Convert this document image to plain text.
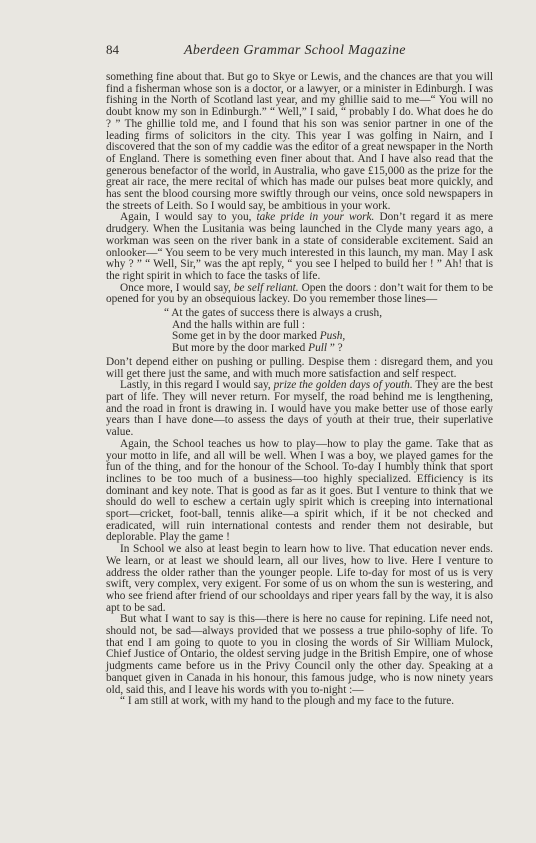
84	Aberdeen Grammar School Magazine

something fine about that. But go to Skye or Lewis, and the chances are that you will find a fisherman whose son is a doctor, or a lawyer, or a minister in Edinburgh. I was fishing in the North of Scotland last year, and my ghillie said to me—“ You will no doubt know my son in Edinburgh.” “ Well,” I said, “ probably I do. What does he do ? ” The ghillie told me, and I found that his son was senior partner in one of the leading firms of solicitors in the city. This year I was golfing in Nairn, and I discovered that the son of my caddie was the editor of a great newspaper in the North of England. There is something even finer about that. And I have also read that the generous benefactor of the world, in Australia, who gave £15,000 as the prize for the great air race, the mere recital of which has made our pulses beat more quickly, and has sent the blood coursing more swiftly through our veins, once sold newspapers in the streets of Leith. So I would say, be ambitious in your work.

Again, I would say to you, take pride in your work. Don’t regard it as mere drudgery. When the Lusitania was being launched in the Clyde many years ago, a workman was seen on the river bank in a state of considerable excitement. Said an onlooker—“ You seem to be very much interested in this launch, my man. May I ask why ? ” “ Well, Sir,” was the apt reply, “ you see I helped to build her ! ” Ah! that is the right spirit in which to face the tasks of life.

Once more, I would say, be self reliant. Open the doors : don’t wait for them to be opened for you by an obsequious lackey. Do you remember those lines—

“ At the gates of success there is always a crush,
And the halls within are full :
Some get in by the door marked Push,
But more by the door marked Pull ” ?

Don’t depend either on pushing or pulling. Despise them : disregard them, and you will get there just the same, and with much more satisfaction and self respect.

Lastly, in this regard I would say, prize the golden days of youth. They are the best part of life. They will never return. For myself, the road behind me is lengthening, and the road in front is drawing in. I would have you make better use of those early years than I have done—to assess the days of youth at their true, their superlative value.

Again, the School teaches us how to play—how to play the game. Take that as your motto in life, and all will be well. When I was a boy, we played games for the fun of the thing, and for the honour of the School. To-day I humbly think that sport inclines to be too much of a business—too highly specialized. Efficiency is its dominant and key note. That is good as far as it goes. But I venture to think that we should do well to eschew a certain ugly spirit which is creeping into international sport—cricket, foot-ball, tennis alike—a spirit which, if it be not checked and eradicated, will ruin international contests and render them not desirable, but deplorable. Play the game !

In School we also at least begin to learn how to live. That education never ends. We learn, or at least we should learn, all our lives, how to live. Here I venture to address the older rather than the younger people. Life to-day for most of us is very swift, very complex, very exigent. For some of us on whom the sun is westering, and who see friend after friend of our schooldays and riper years fall by the way, it is also apt to be sad.

But what I want to say is this—there is here no cause for repining. Life need not, should not, be sad—always provided that we possess a true philo-sophy of life. To that end I am going to quote to you in closing the words of Sir William Mulock, Chief Justice of Ontario, the oldest serving judge in the British Empire, one of whose judgments came before us in the Privy Council only the other day. Speaking at a banquet given in Canada in his honour, this famous judge, who is now ninety years old, said this, and I leave his words with you to-night :—

“ I am still at work, with my hand to the plough and my face to the future.
